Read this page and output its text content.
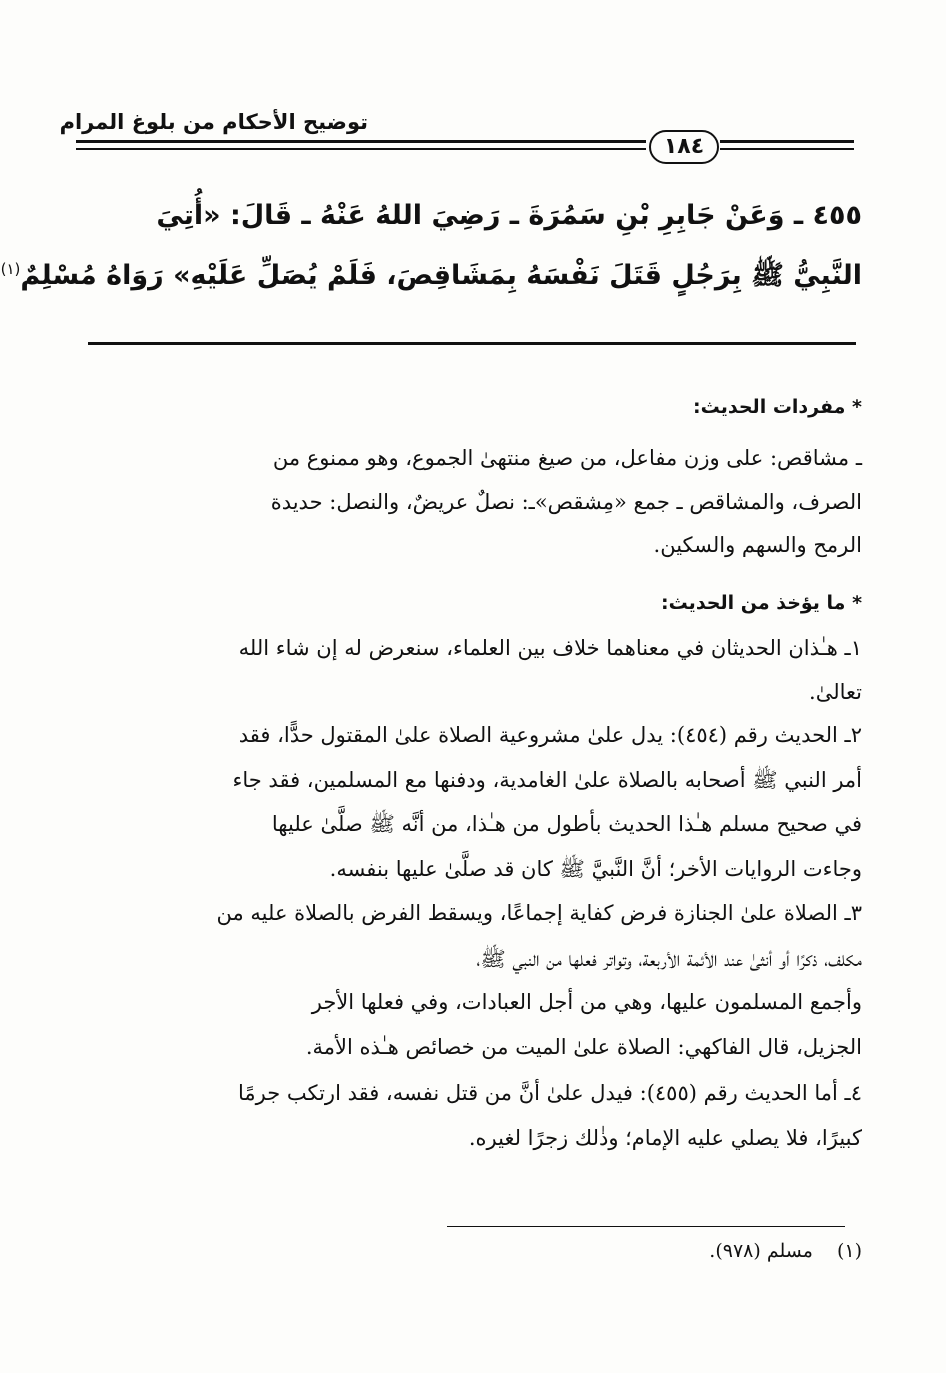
توضيح الأحكام من بلوغ المرام
١٨٤
٤٥٥ ـ وَعَنْ جَابِرِ بْنِ سَمُرَةَ ـ رَضِيَ اللهُ عَنْهُ ـ قَالَ: «أُتِيَ
النَّبِيُّ ﷺ بِرَجُلٍ قَتَلَ نَفْسَهُ بِمَشَاقِصَ، فَلَمْ يُصَلِّ عَلَيْهِ» رَوَاهُ مُسْلِمٌ$^{(١)}$
* مفردات الحديث:
ـ مشاقص: على وزن مفاعل، من صيغ منتهىٰ الجموع، وهو ممنوع من
الصرف، والمشاقص ـ جمع «مِشقص»ـ: نصلٌ عريضٌ، والنصل: حديدة
الرمح والسهم والسكين.
* ما يؤخذ من الحديث:
١ـ هـٰذان الحديثان في معناهما خلاف بين العلماء، سنعرض له إن شاء الله
تعالىٰ.
٢ـ الحديث رقم (٤٥٤): يدل علىٰ مشروعية الصلاة علىٰ المقتول حدًّا، فقد
أمر النبي ﷺ أصحابه بالصلاة علىٰ الغامدية، ودفنها مع المسلمين، فقد جاء
في صحيح مسلم هـٰذا الحديث بأطول من هـٰذا، من أنَّه ﷺ صلَّىٰ عليها
وجاءت الروايات الأخر؛ أنَّ النَّبيَّ ﷺ كان قد صلَّىٰ عليها بنفسه.
٣ـ الصلاة علىٰ الجنازة فرض كفاية إجماعًا، ويسقط الفرض بالصلاة عليه من
مكلف، ذكرًا أو أنثىٰ عند الأئمة الأربعة، وتواتر فعلها من النبي ﷺ،
وأجمع المسلمون عليها، وهي من أجل العبادات، وفي فعلها الأجر
الجزيل، قال الفاكهي: الصلاة علىٰ الميت من خصائص هـٰذه الأمة.
٤ـ أما الحديث رقم (٤٥٥): فيدل علىٰ أنَّ من قتل نفسه، فقد ارتكب جرمًا
كبيرًا، فلا يصلي عليه الإمام؛ وذٰلك زجرًا لغيره.
(١) مسلم (٩٧٨).
